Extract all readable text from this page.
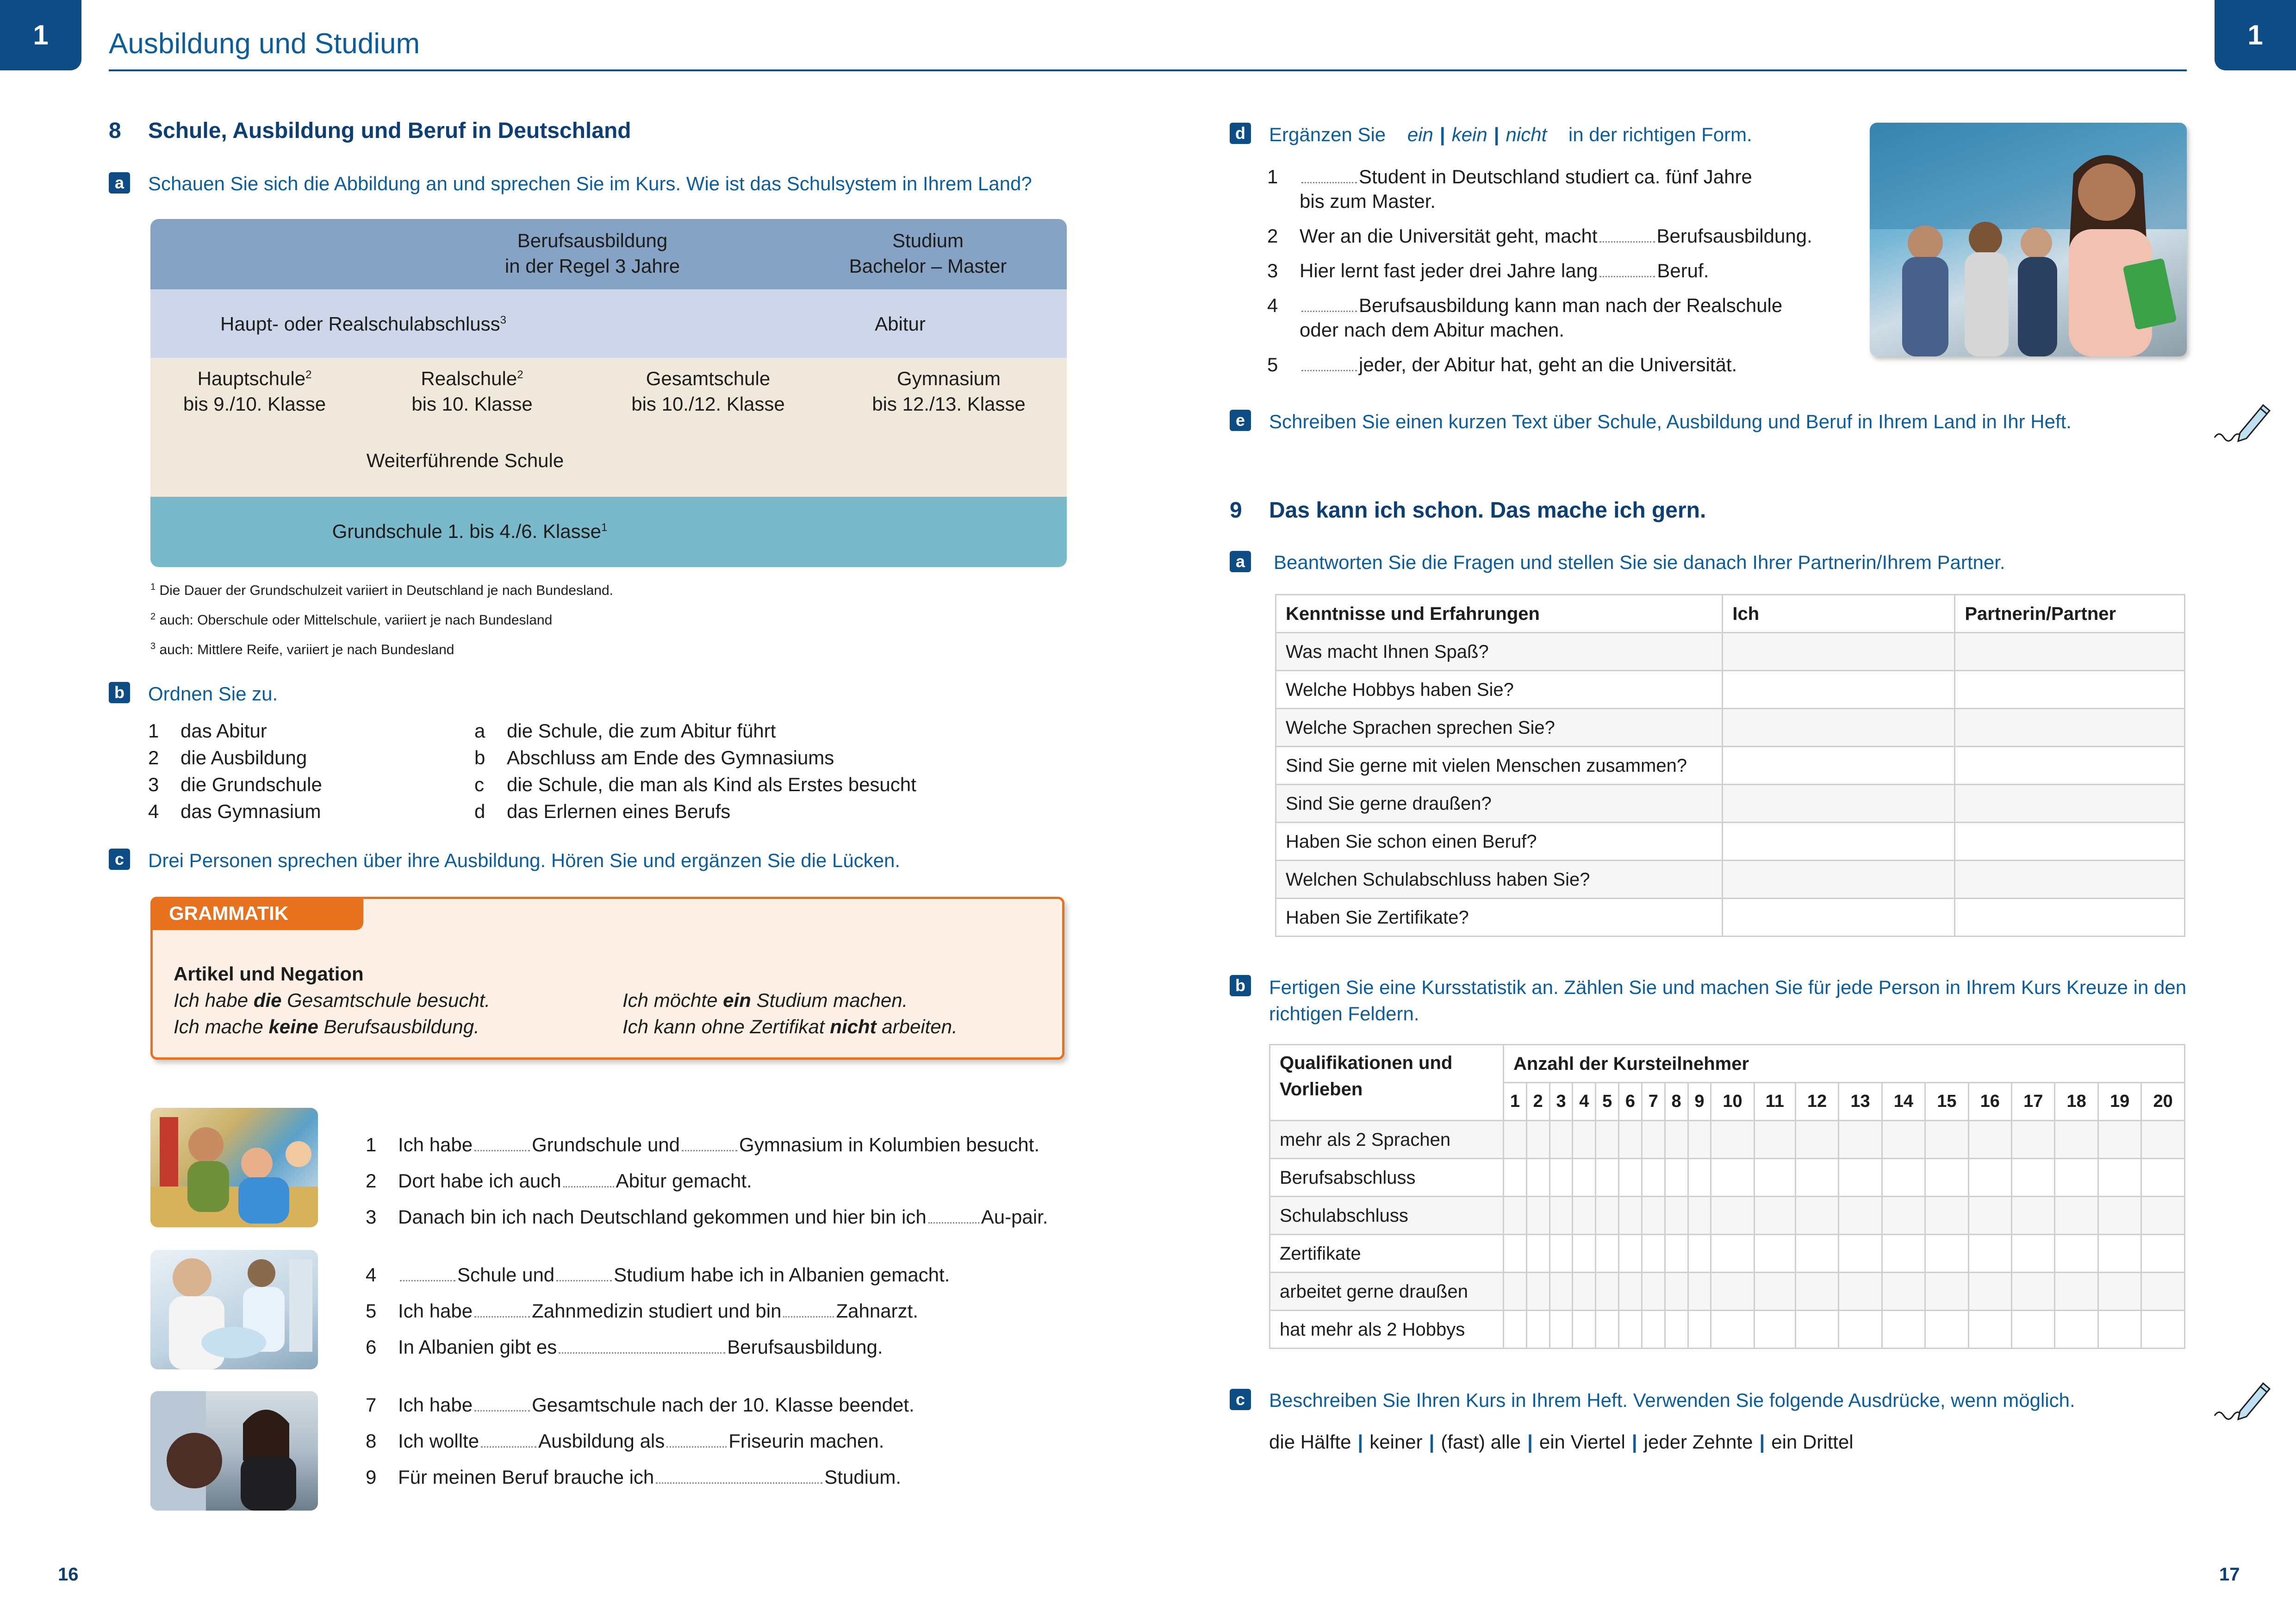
1	1
Ausbildung und Studium
8 Schule, Ausbildung und Beruf in Deutschland
a	Schauen Sie sich die Abbildung an und sprechen Sie im Kurs. Wie ist das Schulsystem in Ihrem Land?
Berufsausbildung
in der Regel 3 Jahre
Studium
Bachelor – Master
Haupt- oder Realschulabschluss$^3$	Abitur
Hauptschule$^2$
bis 9./10. Klasse
Realschule$^2$
bis 10. Klasse
Gesamtschule
bis 10./12. Klasse
Gymnasium
bis 12./13. Klasse
Weiterführende Schule
Grundschule 1. bis 4./6. Klasse$^1$
$^1$ Die Dauer der Grundschulzeit variiert in Deutschland je nach Bundesland.
$^2$ auch: Oberschule oder Mittelschule, variiert je nach Bundesland
$^3$ auch: Mittlere Reife, variiert je nach Bundesland
b Ordnen Sie zu.
1 das Abitur
2 die Ausbildung
3 die Grundschule
4 das Gymnasium
a die Schule, die zum Abitur führt
b Abschluss am Ende des Gymnasiums
c die Schule, die man als Kind als Erstes besucht
d das Erlernen eines Berufs
c	Drei Personen sprechen über ihre Ausbildung. Hören Sie und ergänzen Sie die Lücken.
GRAMMATIK
Artikel und Negation
Ich habe die Gesamtschule besucht.
Ich mache keine Berufsausbildung.
Ich möchte ein Studium machen.
Ich kann ohne Zertifikat nicht arbeiten.
1 Ich habe	Grundschule und	Gymnasium in Kolumbien besucht.
2 Dort habe ich auch	Abitur gemacht.
3 Danach bin ich nach Deutschland gekommen und hier bin ich	Au-pair.
4	Schule und	Studium habe ich in Albanien gemacht.
5 Ich habe	Zahnmedizin studiert und bin	Zahnarzt.
6 In Albanien gibt es	Berufsausbildung.
7 Ich habe	Gesamtschule nach der 10. Klasse beendet.
8 Ich wollte	Ausbildung als	Friseurin machen.
9 Für meinen Beruf brauche ich	Studium.
16
d Ergänzen Sie ein | kein | nicht in der richtigen Form.
1	Student in Deutschland studiert ca. fünf Jahre
bis zum Master.
2 Wer an die Universität geht, macht	Berufsausbildung.
3 Hier lernt fast jeder drei Jahre lang	Beruf.
4	Berufsausbildung kann man nach der Realschule
oder nach dem Abitur machen.
5	jeder, der Abitur hat, geht an die Universität.
e	Schreiben Sie einen kurzen Text über Schule, Ausbildung und Beruf in Ihrem Land in Ihr Heft.
9 Das kann ich schon. Das mache ich gern.
a	Beantworten Sie die Fragen und stellen Sie sie danach Ihrer Partnerin/Ihrem Partner.
Kenntnisse und Erfahrungen	Ich	Partnerin/Partner
Was macht Ihnen Spaß?		
Welche Hobbys haben Sie?		
Welche Sprachen sprechen Sie?		
Sind Sie gerne mit vielen Menschen zusammen?		
Sind Sie gerne draußen?		
Haben Sie schon einen Beruf?		
Welchen Schulabschluss haben Sie?		
Haben Sie Zertifikate?		
b Fertigen Sie eine Kursstatistik an. Zählen Sie und machen Sie für jede Person in Ihrem Kurs Kreuze in den
richtigen Feldern.
Qualifikationen und
Vorlieben	Anzahl der Kursteilnehmer																			
	1	2	3	4	5	6	7	8	9	10	11	12	13	14	15	16	17	18	19	20
mehr als 2 Sprachen																				
Berufsabschluss																				
Schulabschluss																				
Zertifikate																				
arbeitet gerne draußen																				
hat mehr als 2 Hobbys																				
c	Beschreiben Sie Ihren Kurs in Ihrem Heft. Verwenden Sie folgende Ausdrücke, wenn möglich.
die Hälfte | keiner | (fast) alle | ein Viertel | jeder Zehnte | ein Drittel
17
